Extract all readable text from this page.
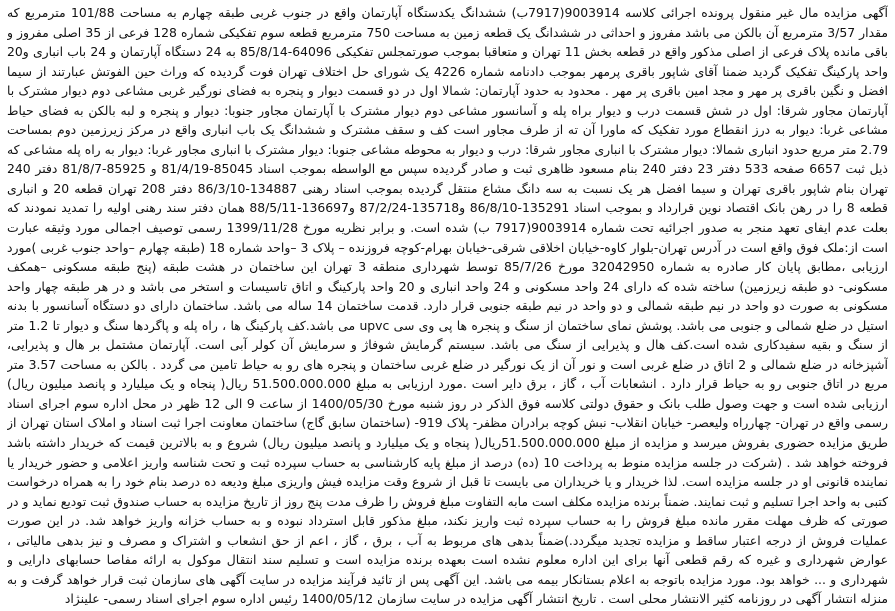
آگهی مزایده مال غیر منقول پرونده اجرائی کلاسه 9003914(7917ب) ششدانگ یکدستگاه آپارتمان واقع در جنوب غربی طبقه چهارم به مساحت 101/88 مترمربع که مقدار 3/57 مترمربع آن بالکن می باشد مفروز و احداثی در ششدانگ یک قطعه زمین به مساحت 750 مترمربع قطعه سوم تفکیکی شماره 128 فرعی از 35 اصلی مفروز و باقی مانده پلاک فرعی از اصلی مذکور واقع در قطعه بخش 11 تهران و متعاقبا بموجب صورتمجلس تفکیکی 64096-85/8/14 به 24 دستگاه آپارتمان و 24 باب انباری و20 واحد پارکینگ تفکیک گردید ضمنا آقای شاپور باقری پرمهر بموجب دادنامه شماره 4226 یک شورای حل اختلاف تهران فوت گردیده که وراث حین الفوتش عبارتند از سیما افضل و نگین باقری پر مهر و مجد امین باقری پر مهر . محدود به حدود آپارتمان: شمالا اول در دو قسمت دیوار و پنجره به فضای نورگیر غربی مشاعی دوم دیوار مشترک با آپارتمان مجاور شرقا: اول در شش قسمت درب و دیوار براه پله و آسانسور مشاعی دوم دیوار مشترک با آپارتمان مجاور جنوبا: دیوار و پنجره و لبه بالکن به فضای حیاط مشاعی غربا: دیوار به درز انقطاع مورد تفکیک که ماورا آن ته از طرف مجاور است کف و سقف مشترک و ششدانگ یک باب انباری واقع در مرکز زیرزمین دوم بمساحت 2.79 متر مربع حدود انباری شمالا: دیوار مشترک با انباری مجاور شرقا: درب و دیوار به محوطه مشاعی جنوبا: دیوار مشترک با انباری مجاور غربا: دیوار به راه پله مشاعی که ذیل ثبت 6657 صفحه 533 دفتر 23 دفتر 240 بنام مسعود ظاهری ثبت و صادر گردیده سپس مع الواسطه بموجب اسناد 85045-81/4/19 و 85925-81/8/7 دفتر 240 تهران بنام شاپور باقری تهران و سیما افضل هر یک نسبت به سه دانگ مشاع منتقل گردیده بموجب اسناد رهنی 134887-86/3/10 دفتر 208 تهران قطعه 20 و انباری قطعه 8 را در رهن بانک اقتصاد نوین قرارداد و بموجب اسناد 135291-86/8/10 و135718-87/2/24 و136697-88/5/11 همان دفتر سند رهنی اولیه را تمدید نمودند که بعلت عدم ایفای تعهد منجر به صدور اجرائیه تحت شماره 9003914(7917 ب) شده است. و برابر نظریه مورخ 1399/11/28 رسمی توصیف اجمالی مورد وثیقه عبارت است از:ملک فوق واقع است در آدرس تهران-بلوار کاوه-خیابان اخلاقی شرقی-خیابان بهرام-کوچه فروزنده – پلاک 3 –واحد شماره 18 (طبقه چهارم –واحد جنوب غربی )مورد ارزیابی ،مطابق پایان کار صادره به شماره 32042950 مورخ 85/7/26 توسط شهرداری منطقه 3 تهران این ساختمان در هشت طبقه (پنج طبقه مسکونی –همکف مسکونی- دو طبقه زیرزمین) ساخته شده که دارای 24 واحد مسکونی و 24 واحد انباری و 20 واحد پارکینگ و اتاق تاسیسات و استخر می باشد و در هر طبقه چهار واحد مسکونی به صورت دو واحد در نیم طبقه شمالی و دو واحد در نیم طبقه جنوبی قرار دارد. قدمت ساختمان 14 ساله می باشد. ساختمان دارای دو دستگاه آسانسور با بدنه استیل در ضلع شمالی و جنوبی می باشد. پوشش نمای ساختمان از سنگ و پنجره ها پی وی سی upvc می باشد.کف پارکینگ ها ، راه پله و پاگردها سنگ و دیوار تا 1.2 متر از سنگ و بقیه سفیدکاری شده است.کف هال و پذیرایی از سنگ می باشد. سیستم گرمایش شوفاژ و سرمایش آن کولر آبی است. آپارتمان مشتمل بر هال و پذیرایی، آشپزخانه در ضلع شمالی و 2 اتاق در ضلع غربی است و نور آن از یک نورگیر در ضلع غربی ساختمان و پنجره های رو به حیاط تامین می گردد . بالکن به مساحت 3.57 متر مربع در اتاق جنوبی رو به حیاط قرار دارد . انشعابات آب ، گاز ، برق دایر است .مورد ارزیابی به مبلغ 51.500.000.000 ریال( پنجاه و یک میلیارد و پانصد میلیون ریال) ارزیابی شده است و جهت وصول طلب بانک و حقوق دولتی کلاسه فوق الذکر در روز شنبه مورخ 1400/05/30 از ساعت 9 الی 12 ظهر در محل اداره سوم اجرای اسناد رسمی واقع در تهران- چهارراه ولیعصر- خیابان انقلاب- نبش کوچه برادران مظفر- پلاک 919- (ساختمان سابق گاج) ساختمان معاونت اجرا ثبت اسناد و املاک استان تهران از طریق مزایده حضوری بفروش میرسد و مزایده از مبلغ 51.500.000.000ریال( پنجاه و یک میلیارد و پانصد میلیون ریال) شروع و به بالاترین قیمت که خریدار داشته باشد فروخته خواهد شد . (شرکت در جلسه مزایده منوط به پرداخت 10 (ده) درصد از مبلغ پایه کارشناسی به حساب سپرده ثبت و تحت شناسه واریز اعلامی و حضور خریدار یا نماینده قانونی او در جلسه مزایده است. لذا خریدار و یا خریداران می بایست تا قبل از شروع وقت مزایده فیش واریزی مبلغ ودیعه ده درصد بنام خود را به همراه درخواست کتبی به واحد اجرا تسلیم و ثبت نمایند. ضمناً برنده مزایده مکلف است مابه التفاوت مبلغ فروش را ظرف مدت پنج روز از تاریخ مزایده به حساب صندوق ثبت تودیع نماید و در صورتی که ظرف مهلت مقرر مانده مبلغ فروش را به حساب سپرده ثبت واریز نکند، مبلغ مذکور قابل استرداد نبوده و به حساب خزانه واریز خواهد شد. در این صورت عملیات فروش از درجه اعتبار ساقط و مزایده تجدید میگردد.)ضمناً بدهی های مربوط به آب ، برق ، گاز ، اعم از حق انشعاب و اشتراک و مصرف و نیز بدهی مالیاتی ، عوارض شهرداری و غیره که رقم قطعی آنها برای این اداره معلوم نشده است بعهده برنده مزایده است و تسلیم سند انتقال موکول به ارائه مفاصا حسابهای دارایی و شهرداری و ... خواهد بود. مورد مزایده باتوجه به اعلام بستانکار بیمه می باشد. این آگهی پس از تائید فرآیند مزایده در سایت آگهی های سازمان ثبت قرار خواهد گرفت و به منزله انتشار آگهی در روزنامه کثیر الانتشار محلی است . تاریخ انتشار آگهی مزایده در سایت سازمان 1400/05/12 رئیس اداره سوم اجرای اسناد رسمی- علینژاد
